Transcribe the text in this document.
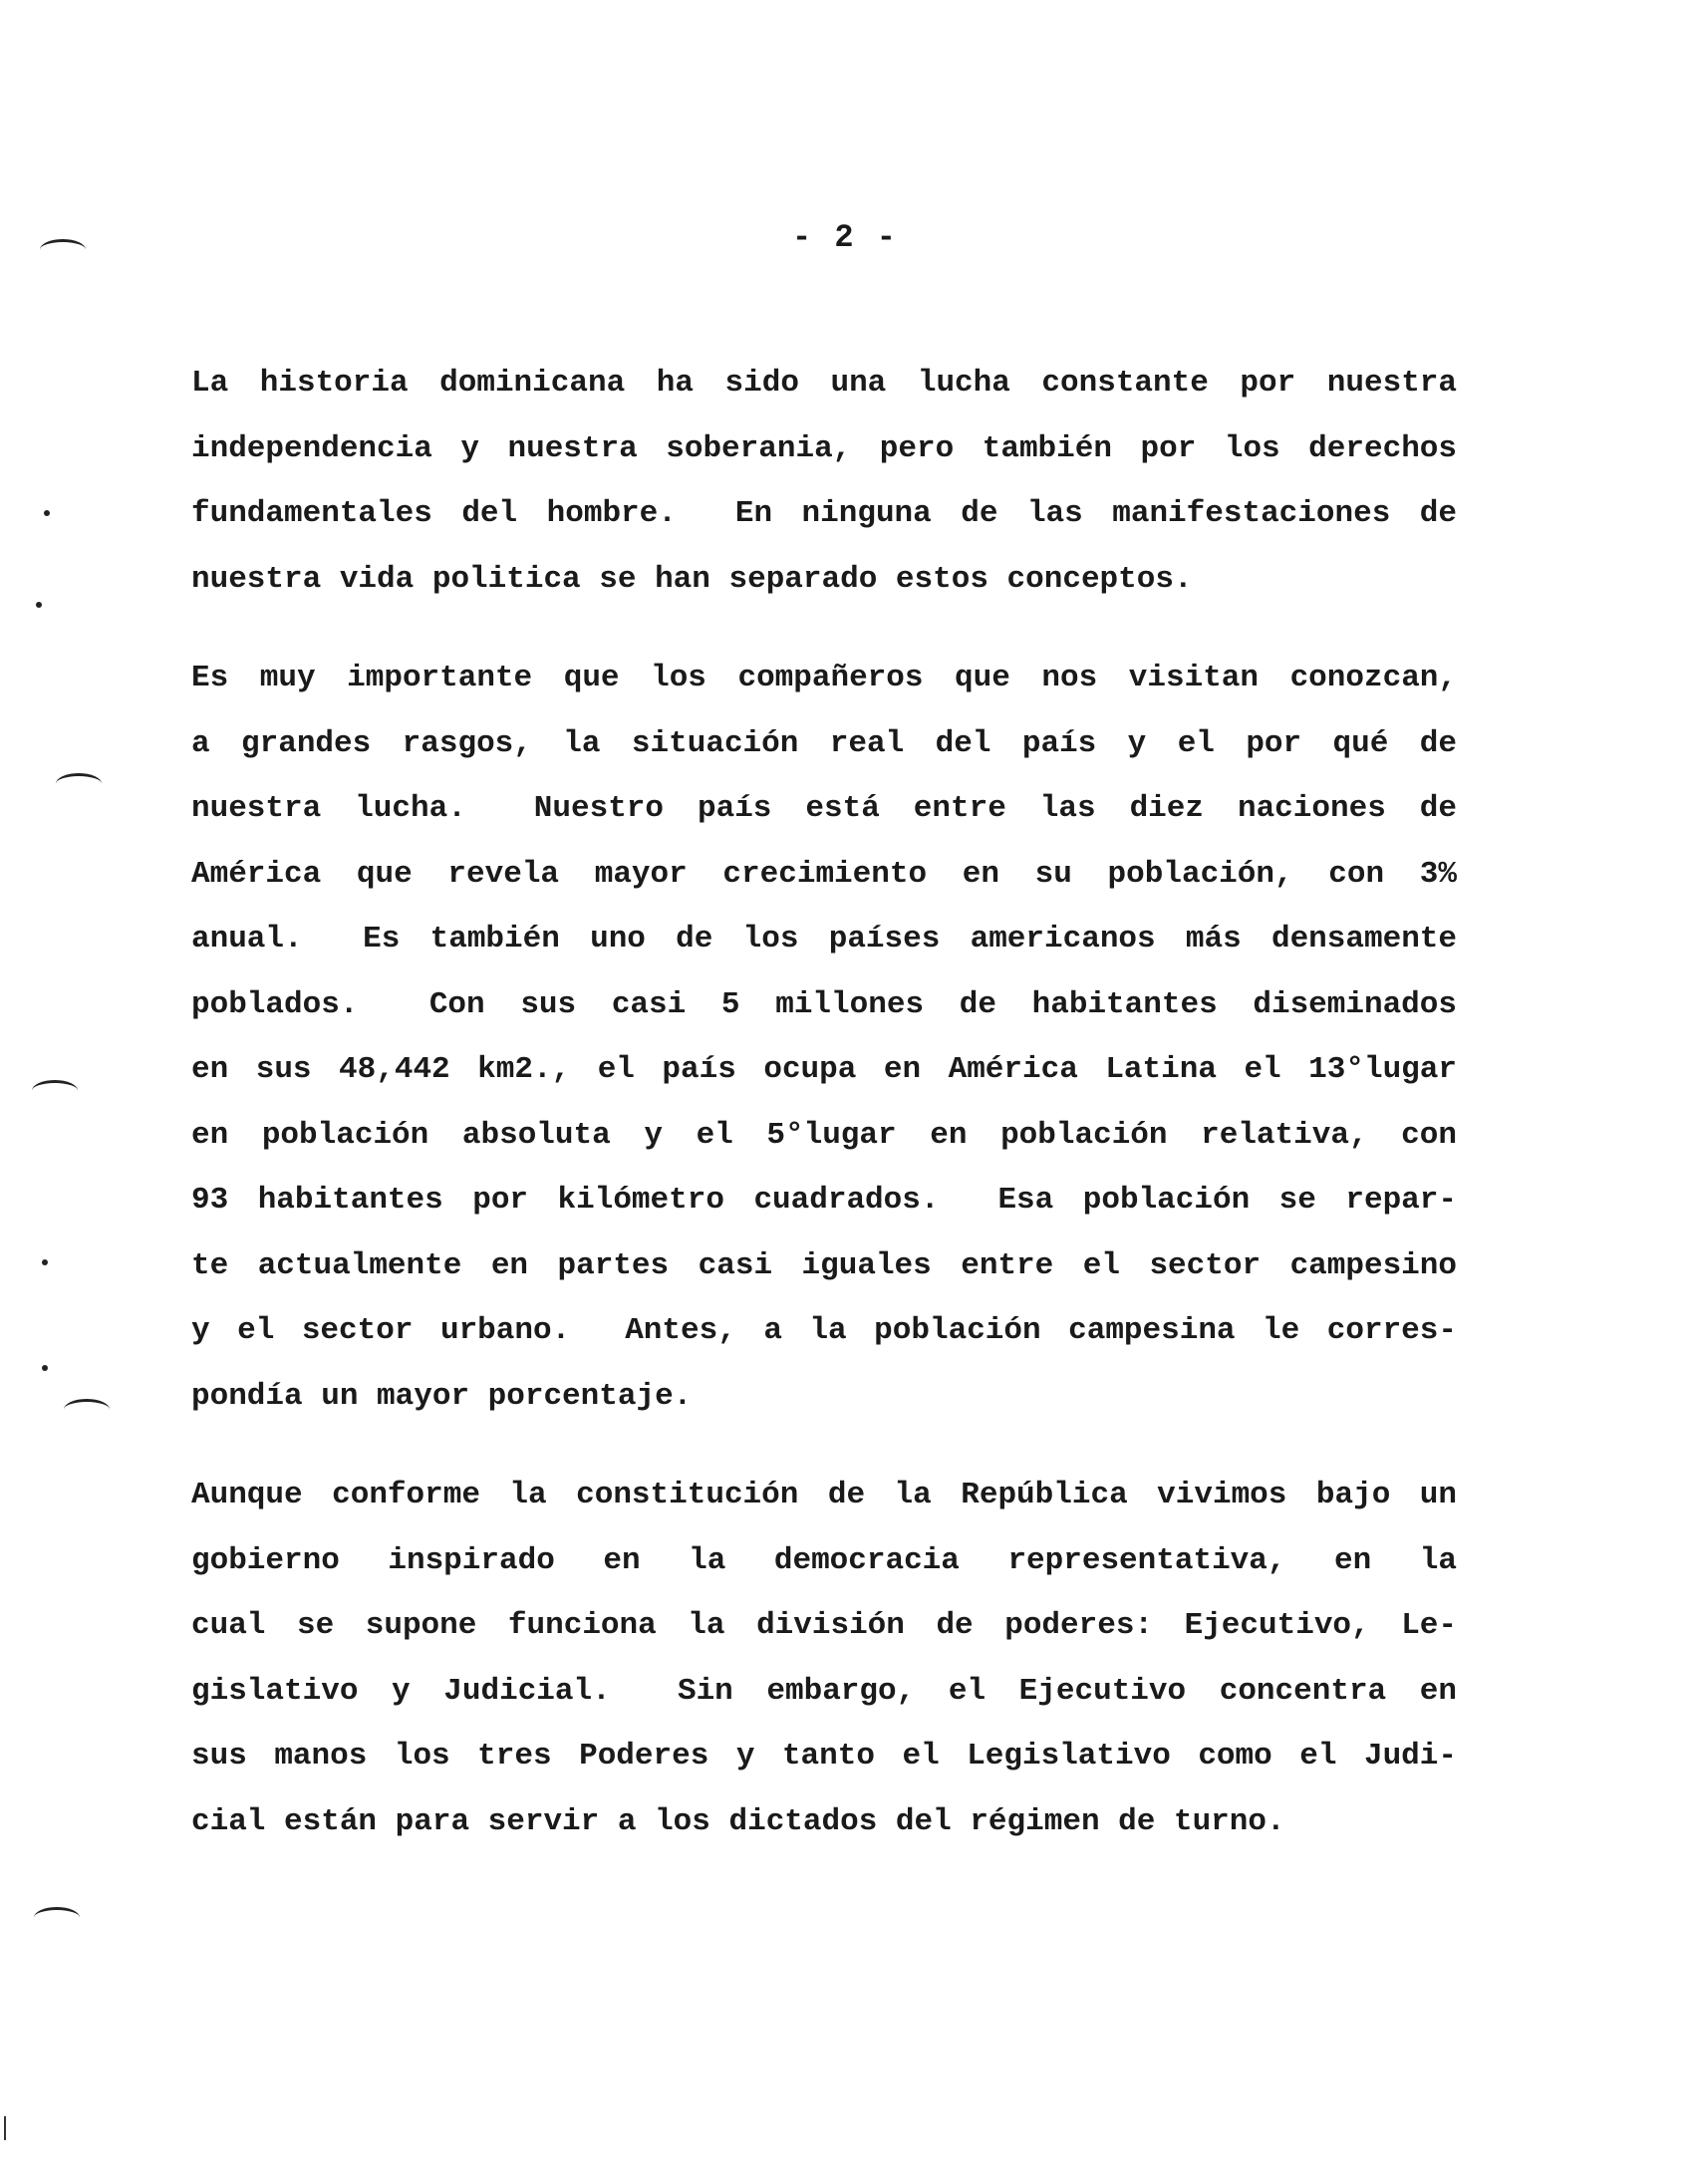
- 2 -
La historia dominicana ha sido una lucha constante por nuestra
independencia y nuestra soberania, pero también por los derechos
fundamentales del hombre.  En ninguna de las manifestaciones de
nuestra vida politica se han separado estos conceptos.
Es muy importante que los compañeros que nos visitan conozcan,
a grandes rasgos, la situación real del país y el por qué de
nuestra lucha.  Nuestro país está entre las diez naciones de
América que revela mayor crecimiento en su población, con 3%
anual.  Es también uno de los países americanos más densamente
poblados.  Con sus casi 5 millones de habitantes diseminados
en sus 48,442 km2., el país ocupa en América Latina el 13°lugar
en población absoluta y el 5°lugar en población relativa, con
93 habitantes por kilómetro cuadrados.  Esa población se repar-
te actualmente en partes casi iguales entre el sector campesino
y el sector urbano.  Antes, a la población campesina le corres-
pondía un mayor porcentaje.
Aunque conforme la constitución de la República vivimos bajo un
gobierno inspirado en la democracia representativa, en la
cual se supone funciona la división de poderes: Ejecutivo, Le-
gislativo y Judicial.  Sin embargo, el Ejecutivo concentra en
sus manos los tres Poderes y tanto el Legislativo como el Judi-
cial están para servir a los dictados del régimen de turno.
